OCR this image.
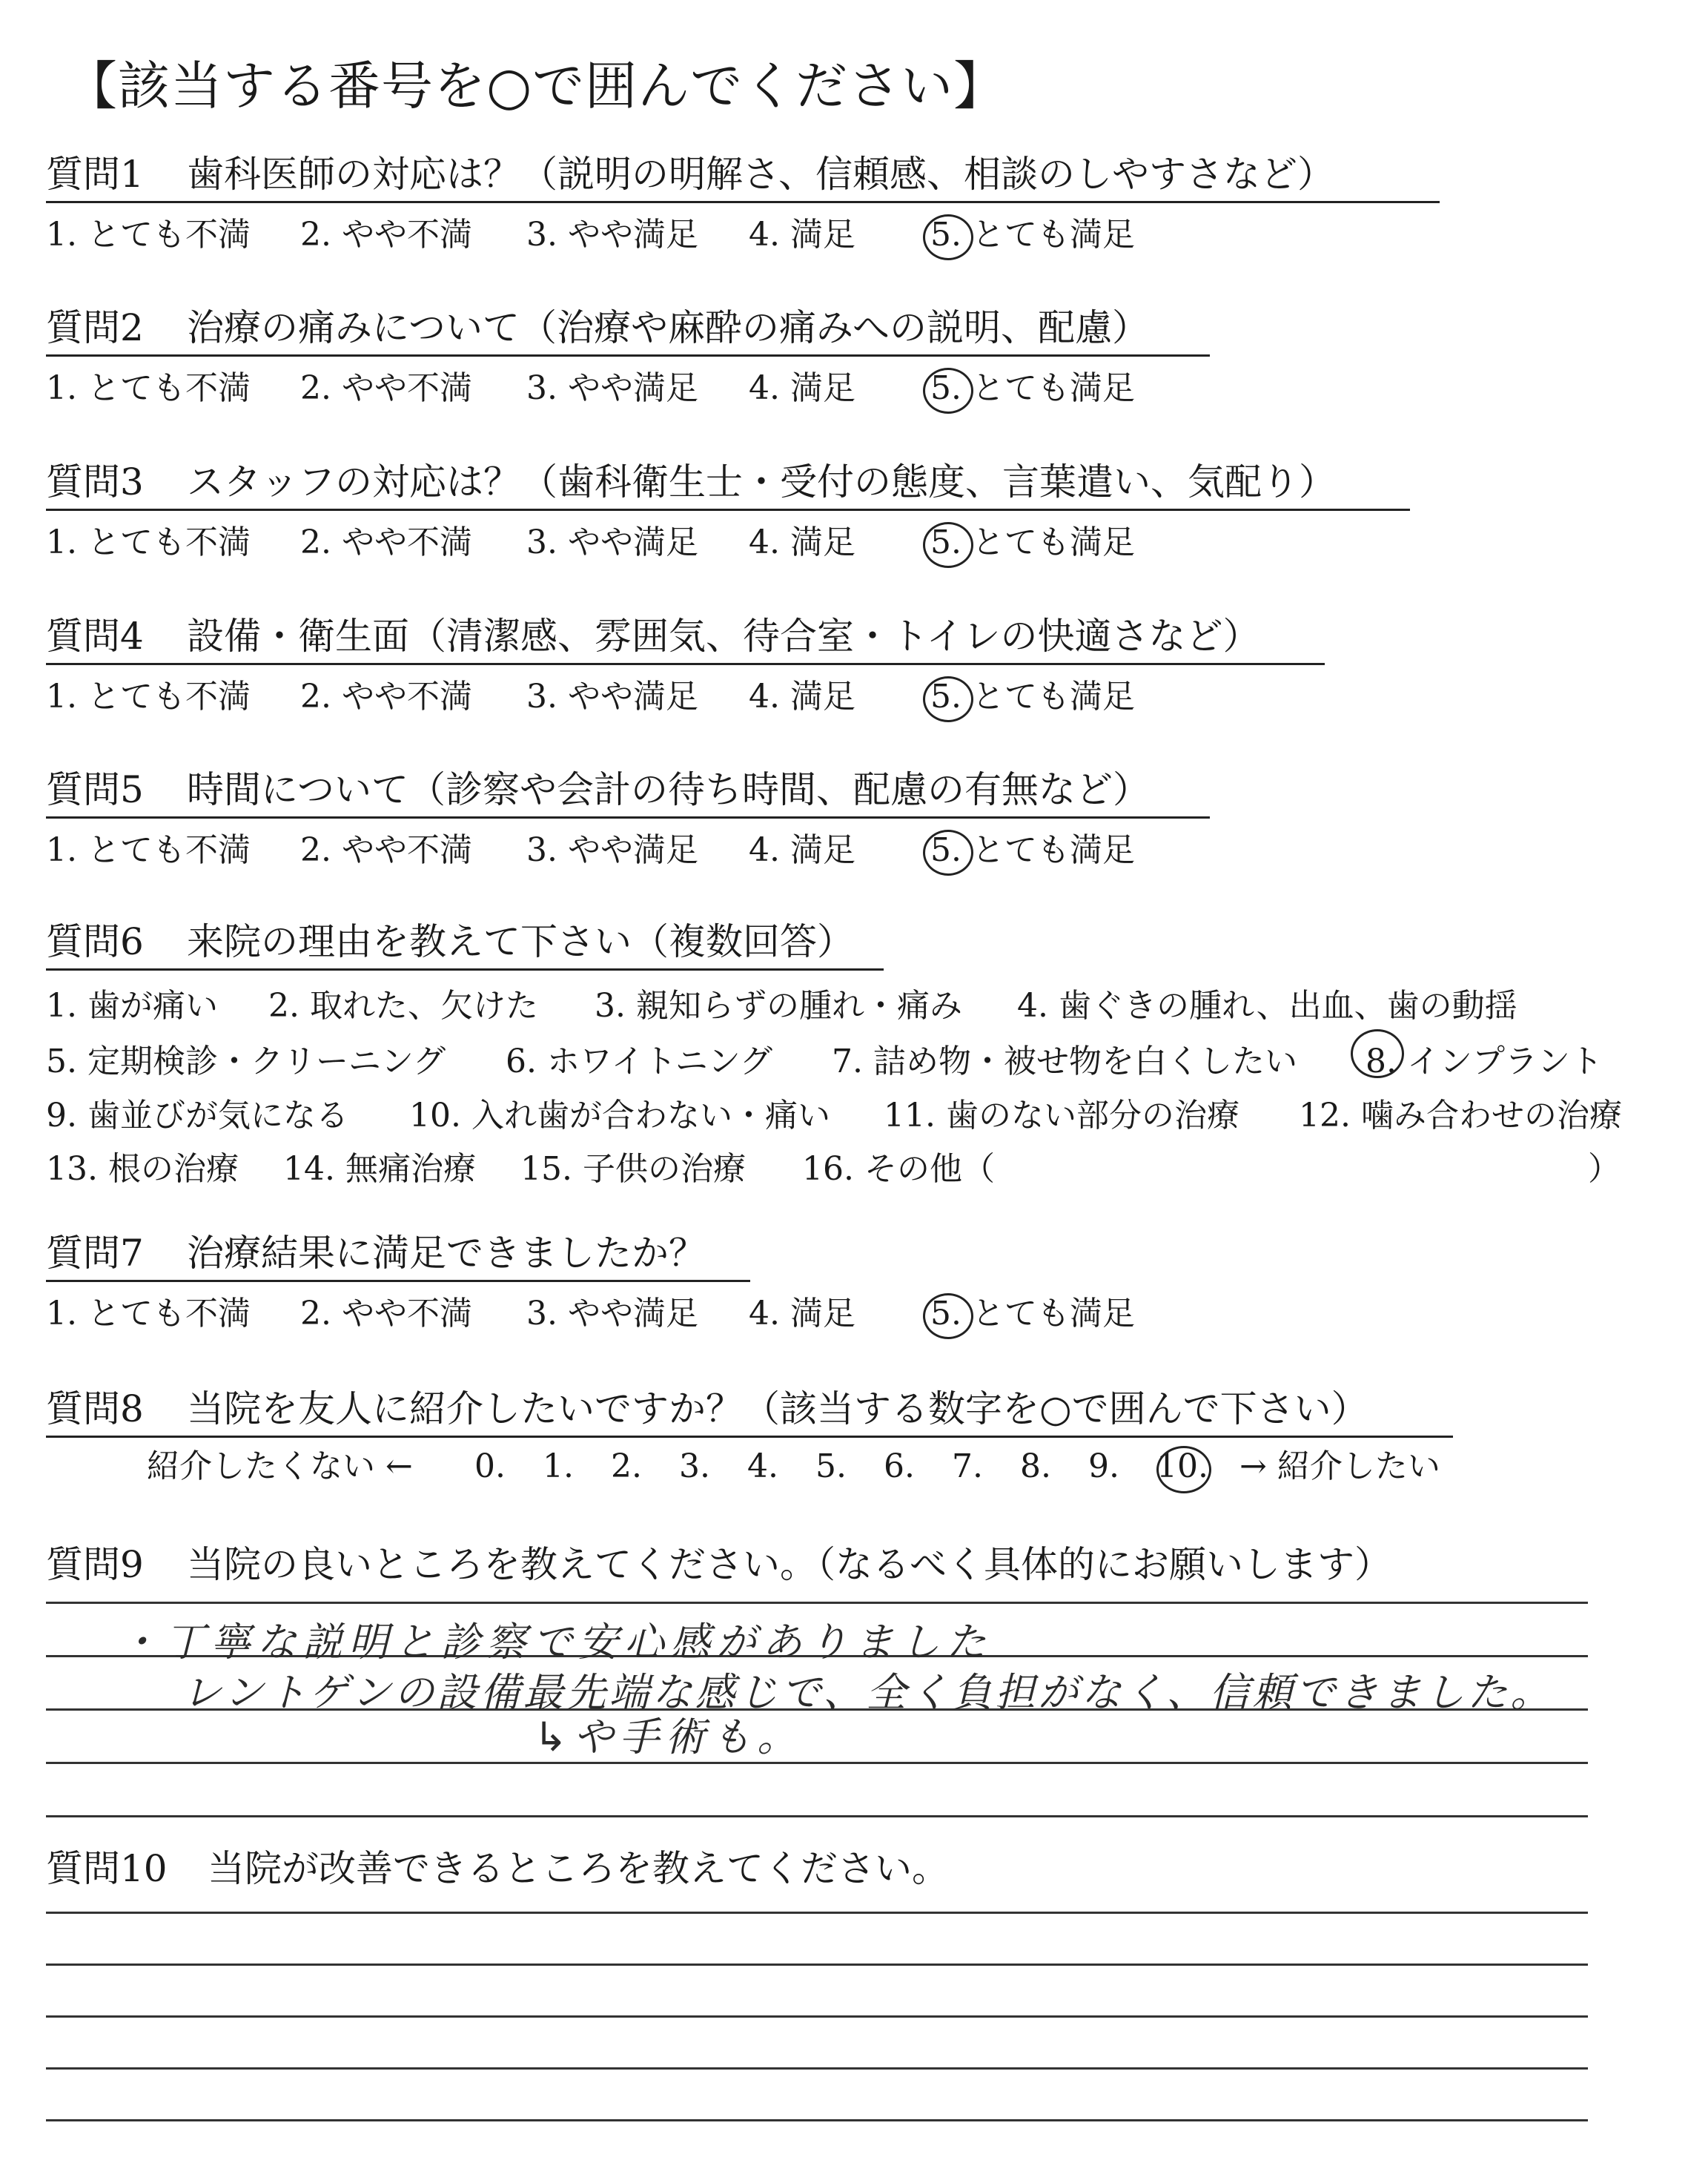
【該当する番号を○で囲んでください】
質問1 歯科医師の対応は？（説明の明解さ、信頼感、相談のしやすさなど）
1. とても不満 2. やや不満 3. やや満足 4. 満足 5. とても満足
質問2 治療の痛みについて（治療や麻酔の痛みへの説明、配慮）
1. とても不満 2. やや不満 3. やや満足 4. 満足 5. とても満足
質問3 スタッフの対応は？（歯科衛生士・受付の態度、言葉遣い、気配り）
1. とても不満 2. やや不満 3. やや満足 4. 満足 5. とても満足
質問4 設備・衛生面（清潔感、雰囲気、待合室・トイレの快適さなど）
1. とても不満 2. やや不満 3. やや満足 4. 満足 5. とても満足
質問5 時間について（診察や会計の待ち時間、配慮の有無など）
1. とても不満 2. やや不満 3. やや満足 4. 満足 5. とても満足
質問6 来院の理由を教えて下さい（複数回答）
1. 歯が痛い 2. 取れた、欠けた 3. 親知らずの腫れ・痛み 4. 歯ぐきの腫れ、出血、歯の動揺
5. 定期検診・クリーニング 6. ホワイトニング 7. 詰め物・被せ物を白くしたい 8. インプラント
9. 歯並びが気になる 10. 入れ歯が合わない・痛い 11. 歯のない部分の治療 12. 噛み合わせの治療
13. 根の治療 14. 無痛治療 15. 子供の治療 16. その他（	）
質問7 治療結果に満足できましたか？
1. とても不満 2. やや不満 3. やや満足 4. 満足 5. とても満足
質問8 当院を友人に紹介したいですか？（該当する数字を○で囲んで下さい）
紹介したくない ← 0. 1. 2. 3. 4. 5. 6. 7. 8. 9. 10. → 紹介したい
質問9 当院の良いところを教えてください。（なるべく具体的にお願いします）
・丁寧な説明と診察で安心感がありました
レントゲンの設備最先端な感じで、全く負担がなく、信頼できました。
↳や手術も。
質問10 当院が改善できるところを教えてください。
